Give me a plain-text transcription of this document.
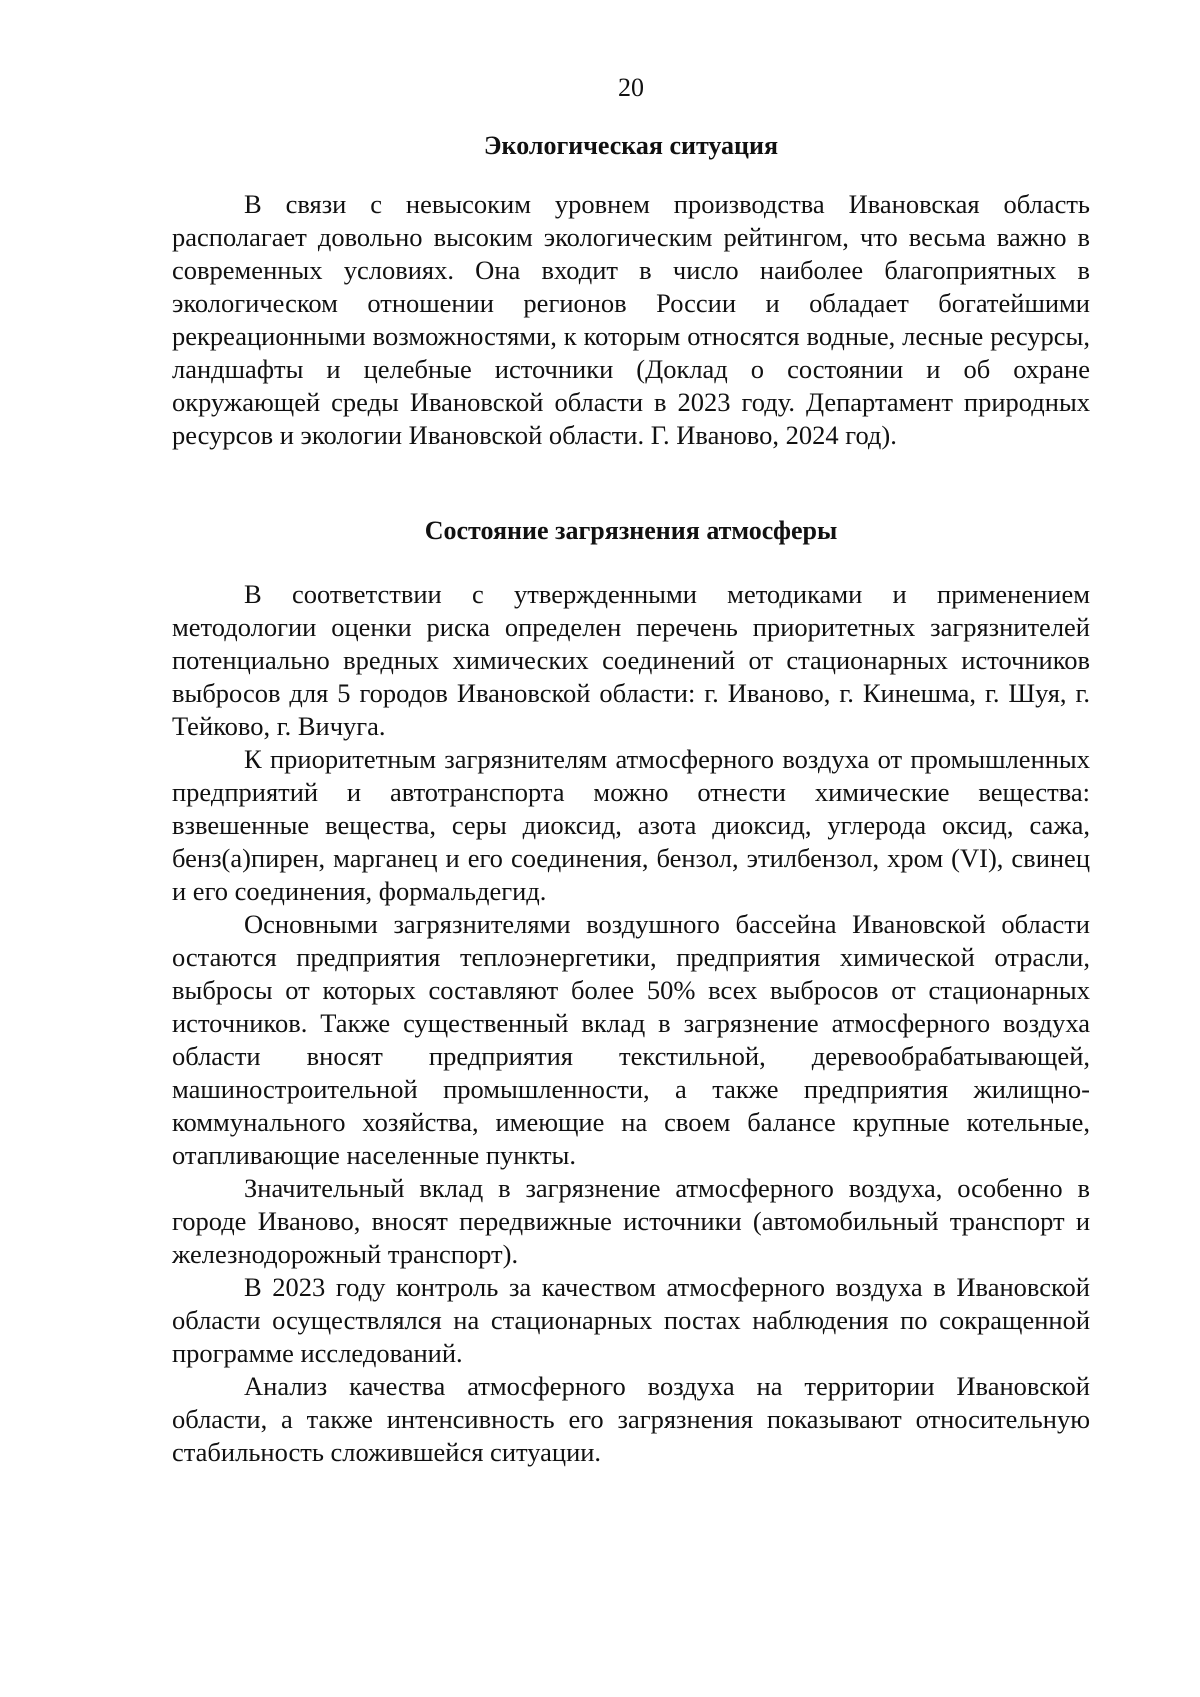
20
Экологическая ситуация

В связи с невысоким уровнем производства Ивановская область располагает довольно высоким экологическим рейтингом, что весьма важно в современных условиях. Она входит в число наиболее благоприятных в экологическом отношении регионов России и обладает богатейшими рекреационными возможностями, к которым относятся водные, лесные ресурсы, ландшафты и целебные источники (Доклад о состоянии и об охране окружающей среды Ивановской области в 2023 году. Департамент природных ресурсов и экологии Ивановской области. Г. Иваново, 2024 год).

Состояние загрязнения атмосферы

В соответствии с утвержденными методиками и применением методологии оценки риска определен перечень приоритетных загрязнителей потенциально вредных химических соединений от стационарных источников выбросов для 5 городов Ивановской области: г. Иваново, г. Кинешма, г. Шуя, г. Тейково, г. Вичуга.

К приоритетным загрязнителям атмосферного воздуха от промышленных предприятий и автотранспорта можно отнести химические вещества: взвешенные вещества, серы диоксид, азота диоксид, углерода оксид, сажа, бенз(а)пирен, марганец и его соединения, бензол, этилбензол, хром (VI), свинец и его соединения, формальдегид.

Основными загрязнителями воздушного бассейна Ивановской области остаются предприятия теплоэнергетики, предприятия химической отрасли, выбросы от которых составляют более 50% всех выбросов от стационарных источников. Также существенный вклад в загрязнение атмосферного воздуха области вносят предприятия текстильной, деревообрабатывающей, машиностроительной промышленности, а также предприятия жилищно-коммунального хозяйства, имеющие на своем балансе крупные котельные, отапливающие населенные пункты.

Значительный вклад в загрязнение атмосферного воздуха, особенно в городе Иваново, вносят передвижные источники (автомобильный транспорт и железнодорожный транспорт).

В 2023 году контроль за качеством атмосферного воздуха в Ивановской области осуществлялся на стационарных постах наблюдения по сокращенной программе исследований.

Анализ качества атмосферного воздуха на территории Ивановской области, а также интенсивность его загрязнения показывают относительную стабильность сложившейся ситуации.
